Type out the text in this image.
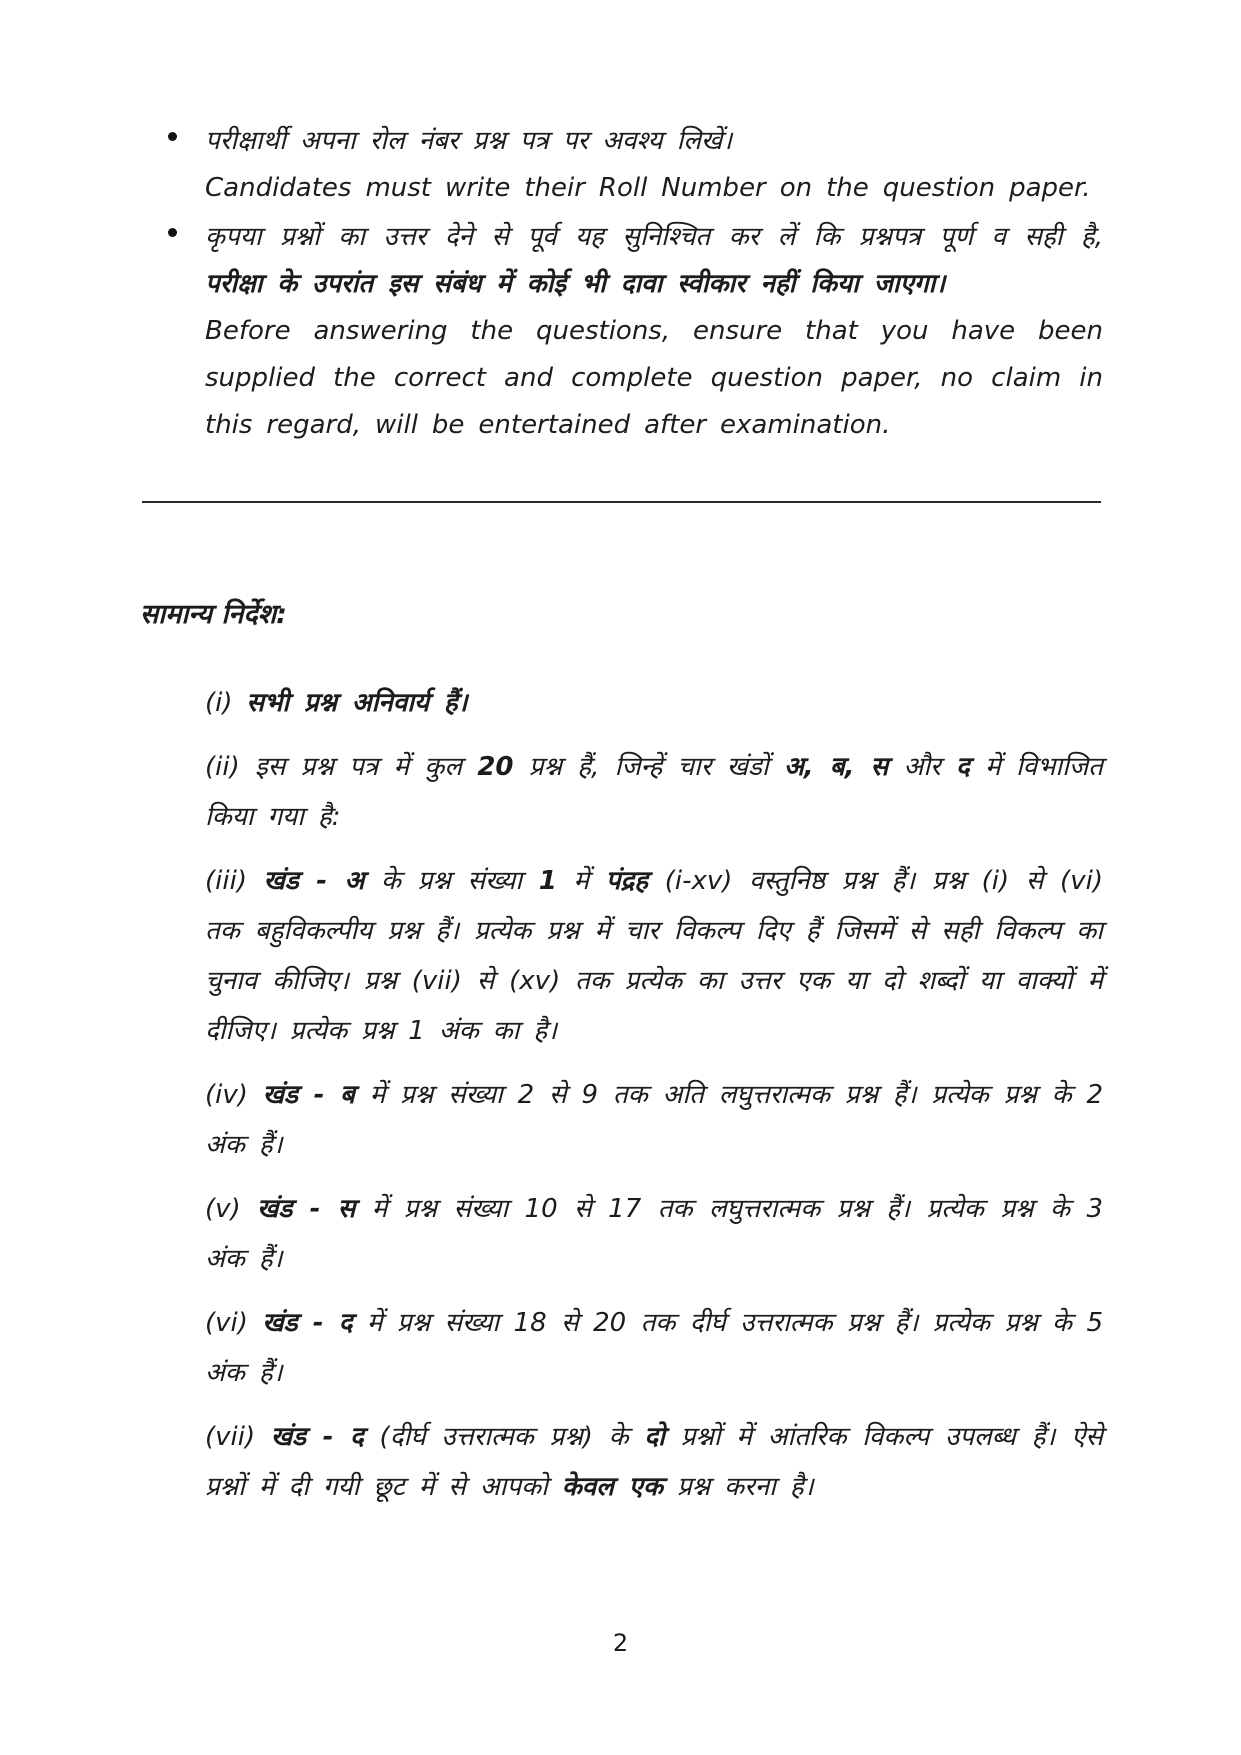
परीक्षार्थी अपना रोल नंबर प्रश्न पत्र पर अवश्य लिखें।

Candidates must write their Roll Number on the question paper.

कृपया प्रश्नों का उत्तर देने से पूर्व यह सुनिश्चित कर लें कि प्रश्नपत्र पूर्ण व सही है, परीक्षा के उपरांत इस संबंध में कोई भी दावा स्वीकार नहीं किया जाएगा।

Before answering the questions, ensure that you have been supplied the correct and complete question paper, no claim in this regard, will be entertained after examination.

सामान्य निर्देश:

(i) सभी प्रश्न अनिवार्य हैं।

(ii) इस प्रश्न पत्र में कुल 20 प्रश्न हैं, जिन्हें चार खंडों अ, ब, स और द में विभाजित किया गया है:

(iii) खंड - अ के प्रश्न संख्या 1 में पंद्रह (i-xv) वस्तुनिष्ठ प्रश्न हैं। प्रश्न (i) से (vi) तक बहुविकल्पीय प्रश्न हैं। प्रत्येक प्रश्न में चार विकल्प दिए हैं जिसमें से सही विकल्प का चुनाव कीजिए। प्रश्न (vii) से (xv) तक प्रत्येक का उत्तर एक या दो शब्दों या वाक्यों में दीजिए। प्रत्येक प्रश्न 1 अंक का है।

(iv) खंड - ब में प्रश्न संख्या 2 से 9 तक अति लघुत्तरात्मक प्रश्न हैं। प्रत्येक प्रश्न के 2 अंक हैं।

(v) खंड - स में प्रश्न संख्या 10 से 17 तक लघुत्तरात्मक प्रश्न हैं। प्रत्येक प्रश्न के 3 अंक हैं।

(vi) खंड - द में प्रश्न संख्या 18 से 20 तक दीर्घ उत्तरात्मक प्रश्न हैं। प्रत्येक प्रश्न के 5 अंक हैं।

(vii) खंड - द (दीर्घ उत्तरात्मक प्रश्न) के दो प्रश्नों में आंतरिक विकल्प उपलब्ध हैं। ऐसे प्रश्नों में दी गयी छूट में से आपको केवल एक प्रश्न करना है।

2
